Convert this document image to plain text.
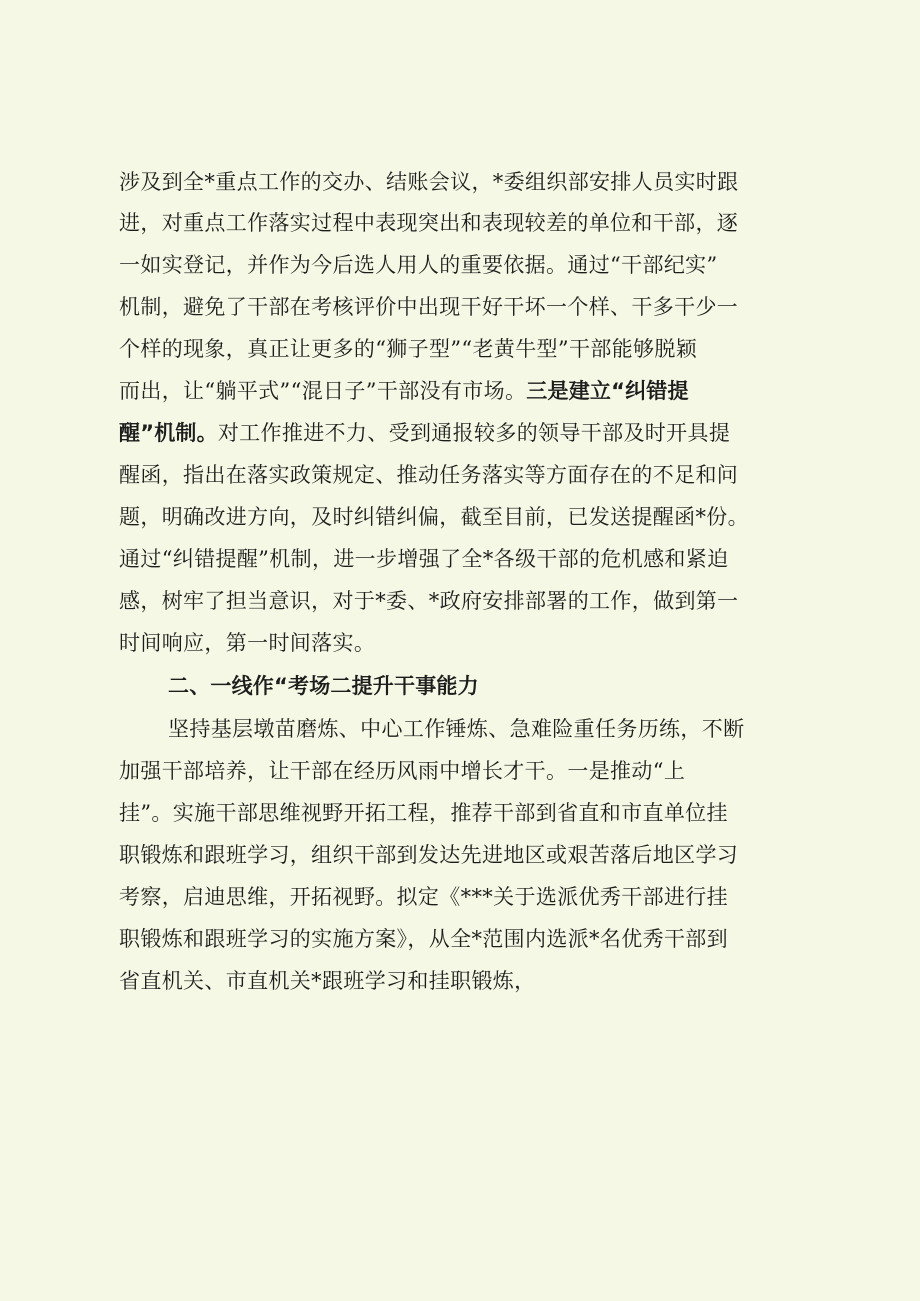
涉及到全*重点工作的交办、结账会议，*委组织部安排人员实时跟
进，对重点工作落实过程中表现突出和表现较差的单位和干部，逐
一如实登记，并作为今后选人用人的重要依据。通过“干部纪实”
机制，避免了干部在考核评价中出现干好干坏一个样、干多干少一
个样的现象，真正让更多的“狮子型”“老黄牛型”干部能够脱颖
而出，让“躺平式”“混日子”干部没有市场。三是建立“纠错提
醒”机制。对工作推进不力、受到通报较多的领导干部及时开具提
醒函，指出在落实政策规定、推动任务落实等方面存在的不足和问
题，明确改进方向，及时纠错纠偏，截至目前，已发送提醒函*份。
通过“纠错提醒”机制，进一步增强了全*各级干部的危机感和紧迫
感，树牢了担当意识，对于*委、*政府安排部署的工作，做到第一
时间响应，第一时间落实。
二、一线作“考场二提升干事能力
坚持基层墩苗磨炼、中心工作锤炼、急难险重任务历练，不断
加强干部培养，让干部在经历风雨中增长才干。一是推动“上
挂”。实施干部思维视野开拓工程，推荐干部到省直和市直单位挂
职锻炼和跟班学习，组织干部到发达先进地区或艰苦落后地区学习
考察，启迪思维，开拓视野。拟定《***关于选派优秀干部进行挂
职锻炼和跟班学习的实施方案》，从全*范围内选派*名优秀干部到
省直机关、市直机关*跟班学习和挂职锻炼，
